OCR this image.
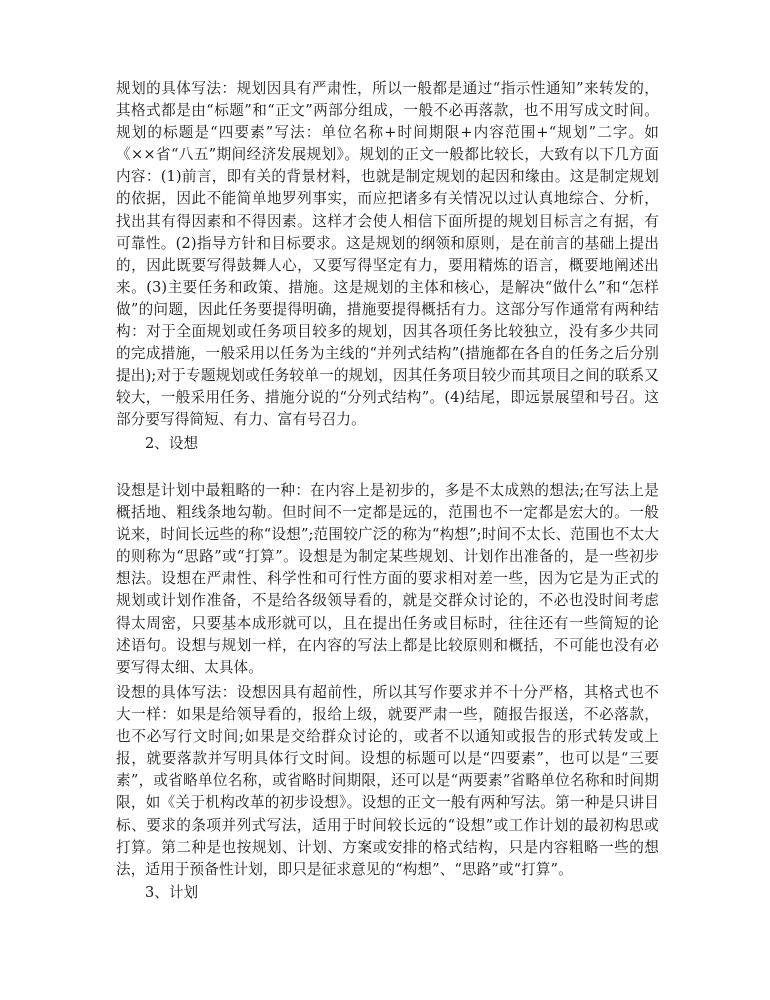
规划的具体写法：规划因具有严肃性，所以一般都是通过“指示性通知”来转发的，其格式都是由“标题”和“正文”两部分组成，一般不必再落款，也不用写成文时间。规划的标题是“四要素”写法：单位名称+时间期限+内容范围+“规划”二字。如《××省“八五”期间经济发展规划》。规划的正文一般都比较长，大致有以下几方面内容：(1)前言，即有关的背景材料，也就是制定规划的起因和缘由。这是制定规划的依据，因此不能简单地罗列事实，而应把诸多有关情况以过认真地综合、分析，找出其有得因素和不得因素。这样才会使人相信下面所提的规划目标言之有据，有可靠性。(2)指导方针和目标要求。这是规划的纲领和原则，是在前言的基础上提出的，因此既要写得鼓舞人心，又要写得坚定有力，要用精炼的语言，概要地阐述出来。(3)主要任务和政策、措施。这是规划的主体和核心，是解决“做什么”和“怎样做”的问题，因此任务要提得明确，措施要提得概括有力。这部分写作通常有两种结构：对于全面规划或任务项目较多的规划，因其各项任务比较独立，没有多少共同的完成措施，一般采用以任务为主线的“并列式结构”(措施都在各自的任务之后分别提出);对于专题规划或任务较单一的规划，因其任务项目较少而其项目之间的联系又较大，一般采用任务、措施分说的“分列式结构”。(4)结尾，即远景展望和号召。这部分要写得简短、有力、富有号召力。

2、设想

设想是计划中最粗略的一种：在内容上是初步的，多是不太成熟的想法;在写法上是概括地、粗线条地勾勒。但时间不一定都是远的，范围也不一定都是宏大的。一般说来，时间长远些的称“设想”;范围较广泛的称为“构想”;时间不太长、范围也不太大的则称为“思路”或“打算”。设想是为制定某些规划、计划作出准备的，是一些初步想法。设想在严肃性、科学性和可行性方面的要求相对差一些，因为它是为正式的规划或计划作准备，不是给各级领导看的，就是交群众讨论的，不必也没时间考虑得太周密，只要基本成形就可以，且在提出任务或目标时，往往还有一些简短的论述语句。设想与规划一样，在内容的写法上都是比较原则和概括，不可能也没有必要写得太细、太具体。

设想的具体写法：设想因具有超前性，所以其写作要求并不十分严格，其格式也不大一样：如果是给领导看的，报给上级，就要严肃一些，随报告报送，不必落款，也不必写行文时间;如果是交给群众讨论的，或者不以通知或报告的形式转发或上报，就要落款并写明具体行文时间。设想的标题可以是“四要素”，也可以是“三要素”，或省略单位名称，或省略时间期限，还可以是“两要素”省略单位名称和时间期限，如《关于机构改革的初步设想》。设想的正文一般有两种写法。第一种是只讲目标、要求的条项并列式写法，适用于时间较长远的“设想”或工作计划的最初构思或打算。第二种是也按规划、计划、方案或安排的格式结构，只是内容粗略一些的想法，适用于预备性计划，即只是征求意见的“构想”、“思路”或“打算”。

3、计划
